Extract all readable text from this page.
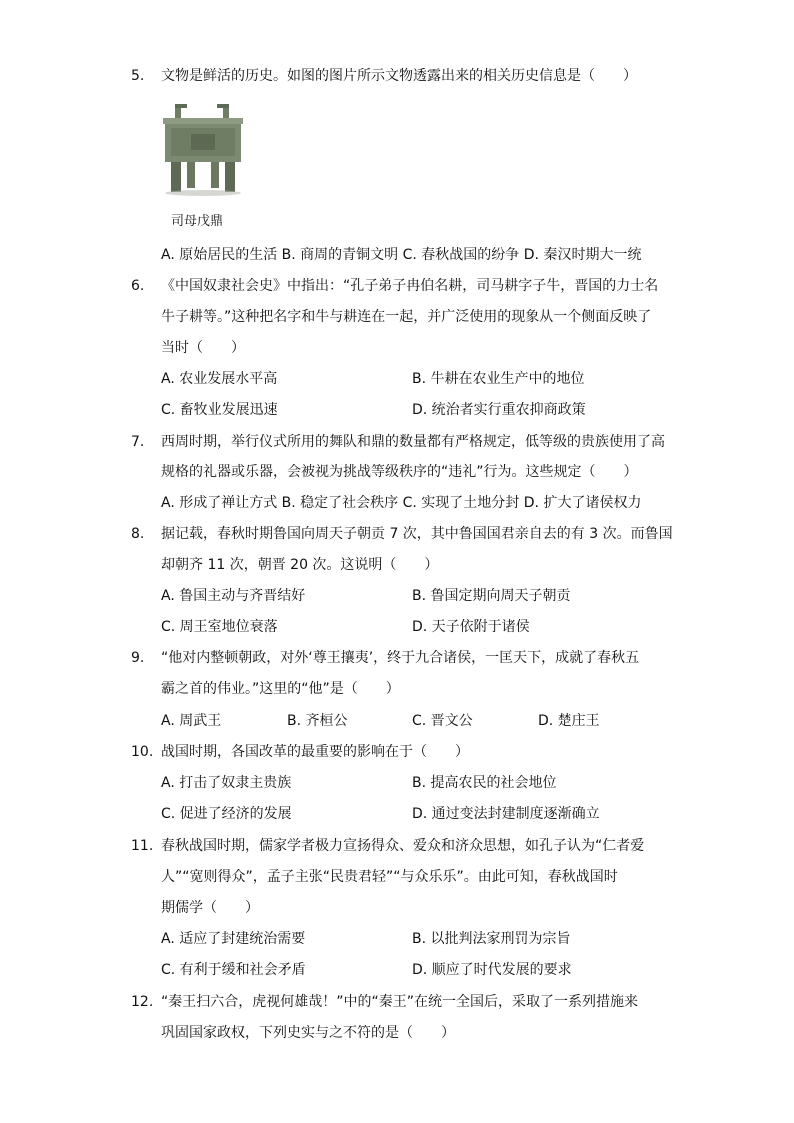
5. 文物是鲜活的历史。如图的图片所示文物透露出来的相关历史信息是（　　）
司母戊鼎
A. 原始居民的生活 B. 商周的青铜文明 C. 春秋战国的纷争 D. 秦汉时期大一统
6. 《中国奴隶社会史》中指出：“孔子弟子冉伯名耕，司马耕字子牛，晋国的力士名
牛子耕等。”这种把名字和牛与耕连在一起，并广泛使用的现象从一个侧面反映了
当时（　　）
A. 农业发展水平高	B. 牛耕在农业生产中的地位
C. 畜牧业发展迅速	D. 统治者实行重农抑商政策
7. 西周时期，举行仪式所用的舞队和鼎的数量都有严格规定，低等级的贵族使用了高
规格的礼器或乐器，会被视为挑战等级秩序的“违礼”行为。这些规定（　　）
A. 形成了禅让方式 B. 稳定了社会秩序 C. 实现了土地分封 D. 扩大了诸侯权力
8. 据记载，春秋时期鲁国向周天子朝贡 7 次，其中鲁国国君亲自去的有 3 次。而鲁国
却朝齐 11 次，朝晋 20 次。这说明（　　）
A. 鲁国主动与齐晋结好	B. 鲁国定期向周天子朝贡
C. 周王室地位衰落	D. 天子依附于诸侯
9. “他对内整顿朝政，对外‘尊王攘夷’，终于九合诸侯，一匡天下，成就了春秋五
霸之首的伟业。”这里的“他”是（　　）
A. 周武王	B. 齐桓公	C. 晋文公	D. 楚庄王
10. 战国时期，各国改革的最重要的影响在于（　　）
A. 打击了奴隶主贵族	B. 提高农民的社会地位
C. 促进了经济的发展	D. 通过变法封建制度逐渐确立
11. 春秋战国时期，儒家学者极力宣扬得众、爱众和济众思想，如孔子认为“仁者爱
人”“宽则得众”，孟子主张“民贵君轻”“与众乐乐”。由此可知，春秋战国时
期儒学（　　）
A. 适应了封建统治需要	B. 以批判法家刑罚为宗旨
C. 有利于缓和社会矛盾	D. 顺应了时代发展的要求
12. “秦王扫六合，虎视何雄哉！”中的“秦王”在统一全国后，采取了一系列措施来
巩固国家政权，下列史实与之不符的是（　　）
